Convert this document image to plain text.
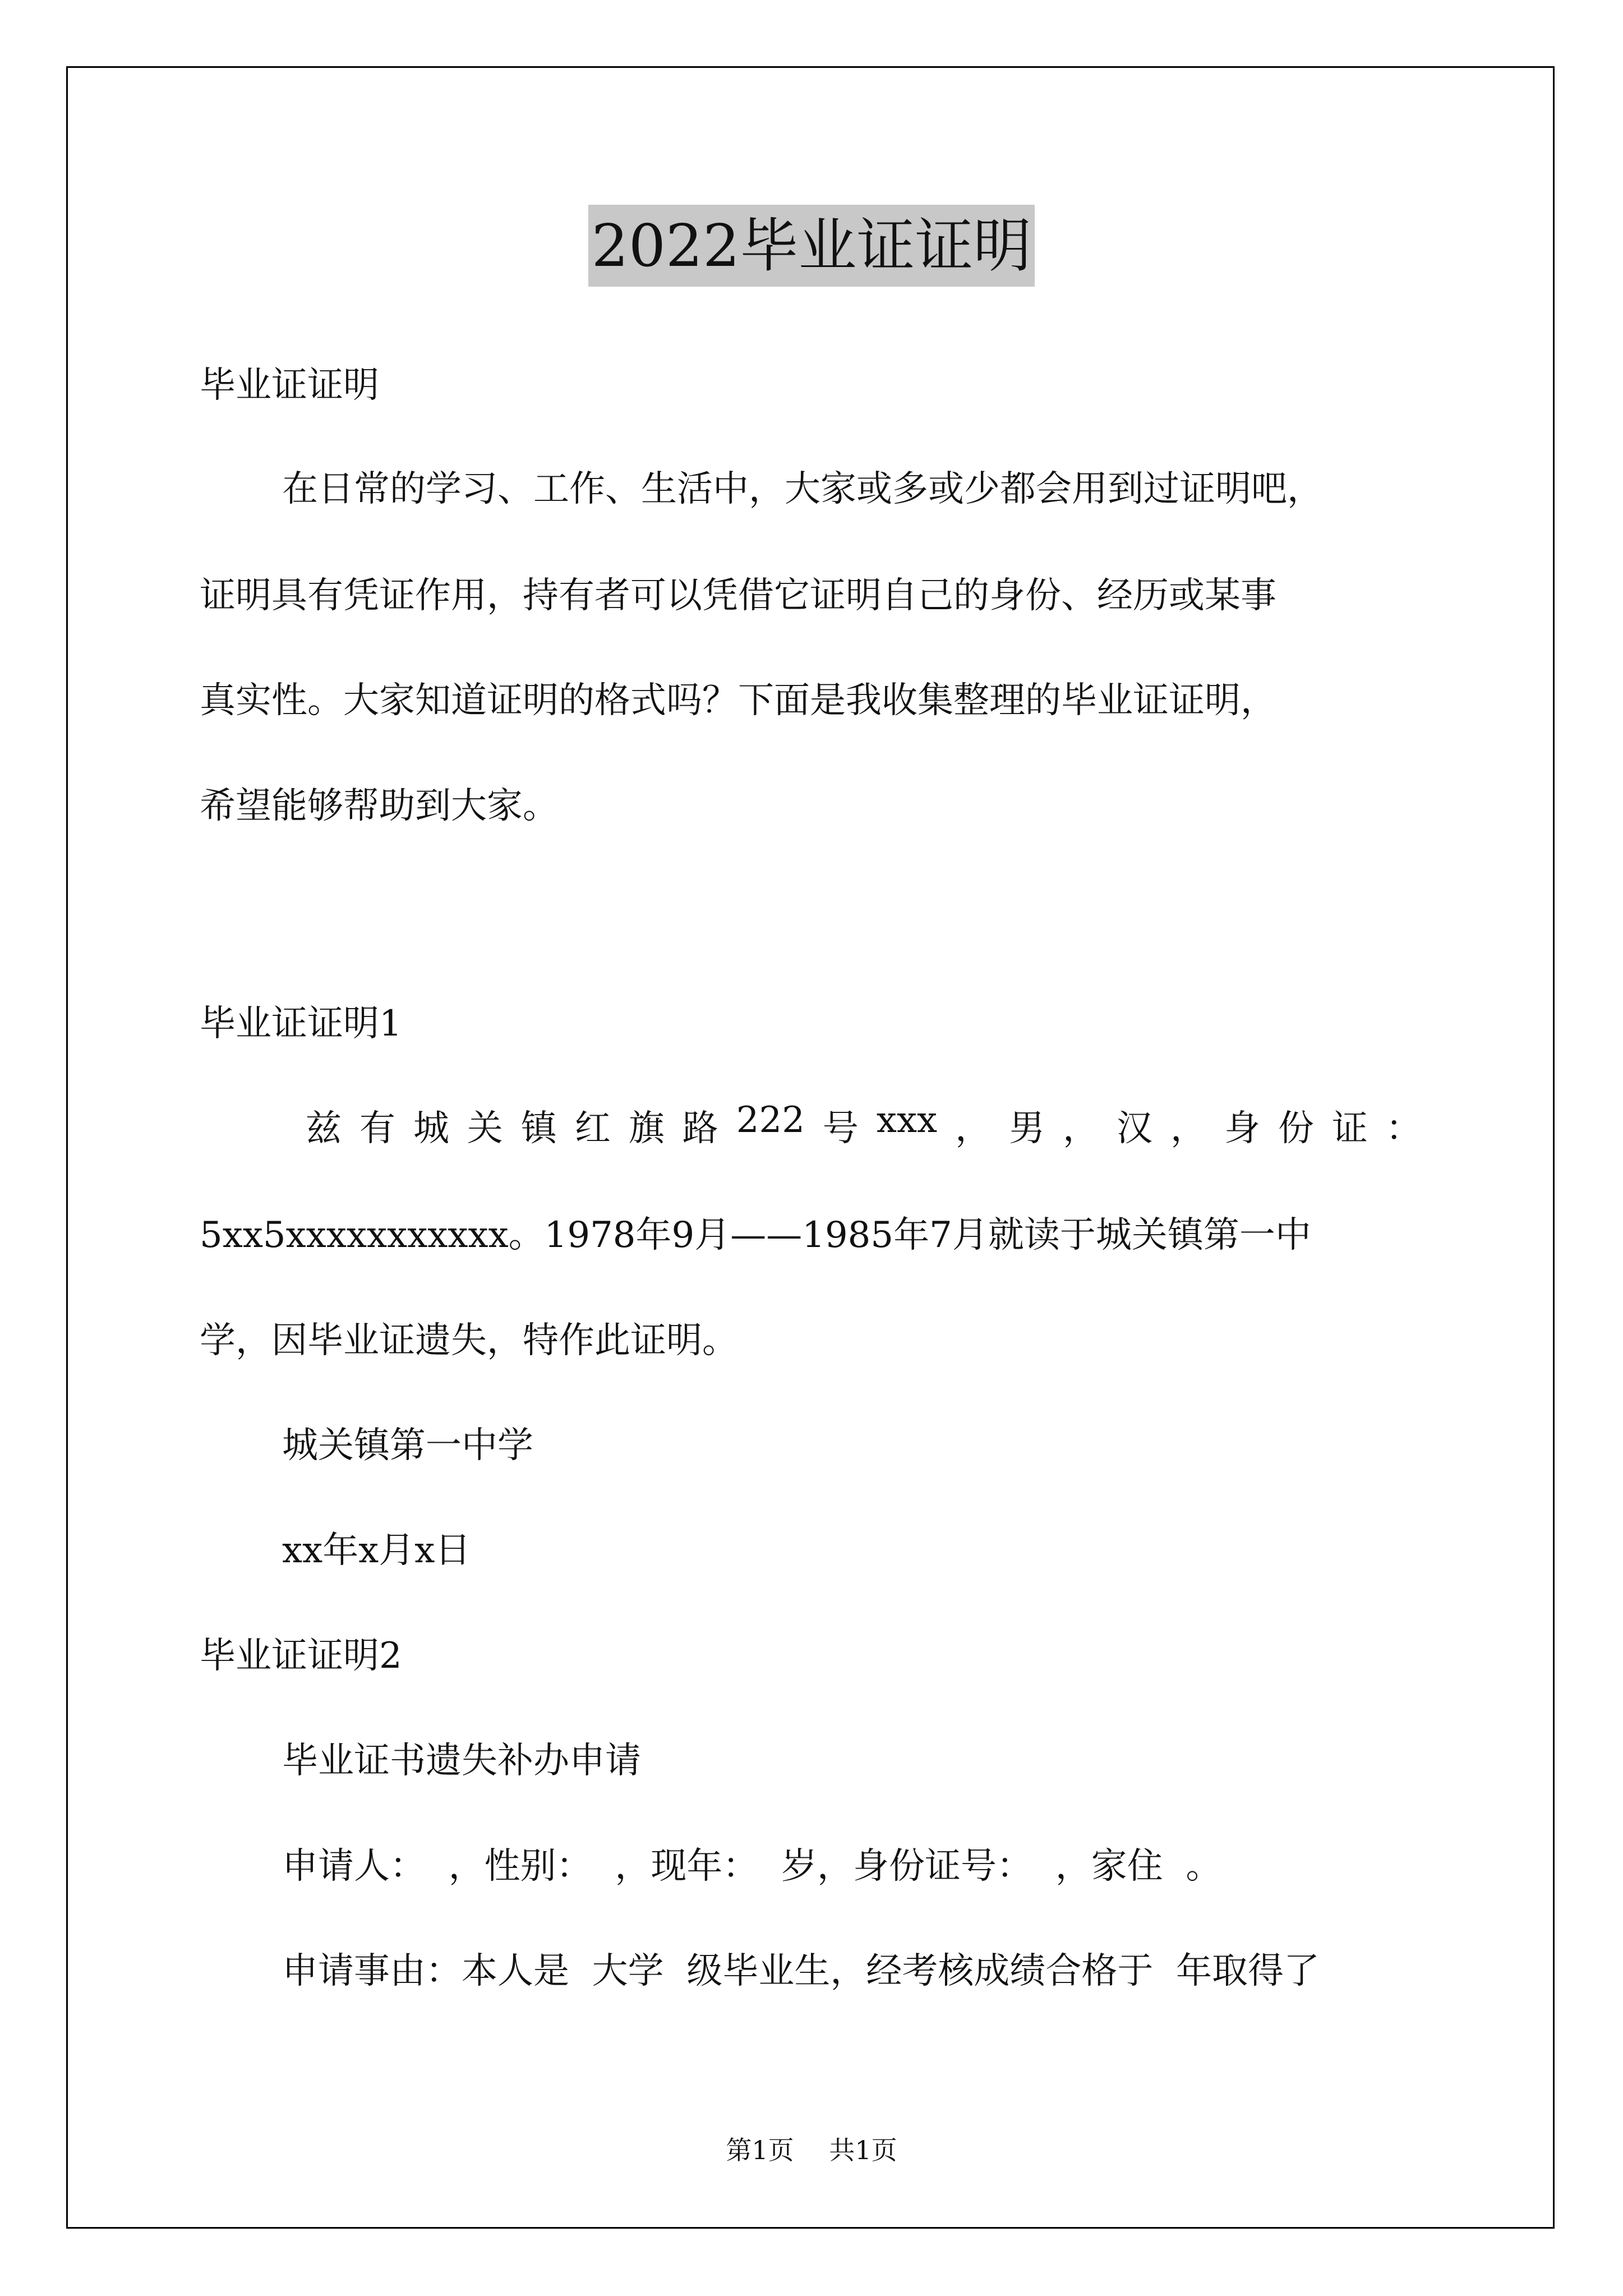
2022毕业证证明

毕业证证明

在日常的学习、工作、生活中，大家或多或少都会用到过证明吧，

证明具有凭证作用，持有者可以凭借它证明自己的身份、经历或某事

真实性。大家知道证明的格式吗？下面是我收集整理的毕业证证明，

希望能够帮助到大家。

毕业证证明1

兹 有 城 关 镇 红 旗 路 222 号 xxx ， 男 ， 汉 ， 身 份 证 ：

5xx5xxxxxxxxxxx。1978年9月——1985年7月就读于城关镇第一中

学，因毕业证遗失，特作此证明。

城关镇第一中学

xx年x月x日

毕业证证明2

毕业证书遗失补办申请

申请人：  ，性别：  ，现年：  岁，身份证号：  ，家住  。

申请事由：本人是  大学  级毕业生，经考核成绩合格于  年取得了

第1页 共1页
